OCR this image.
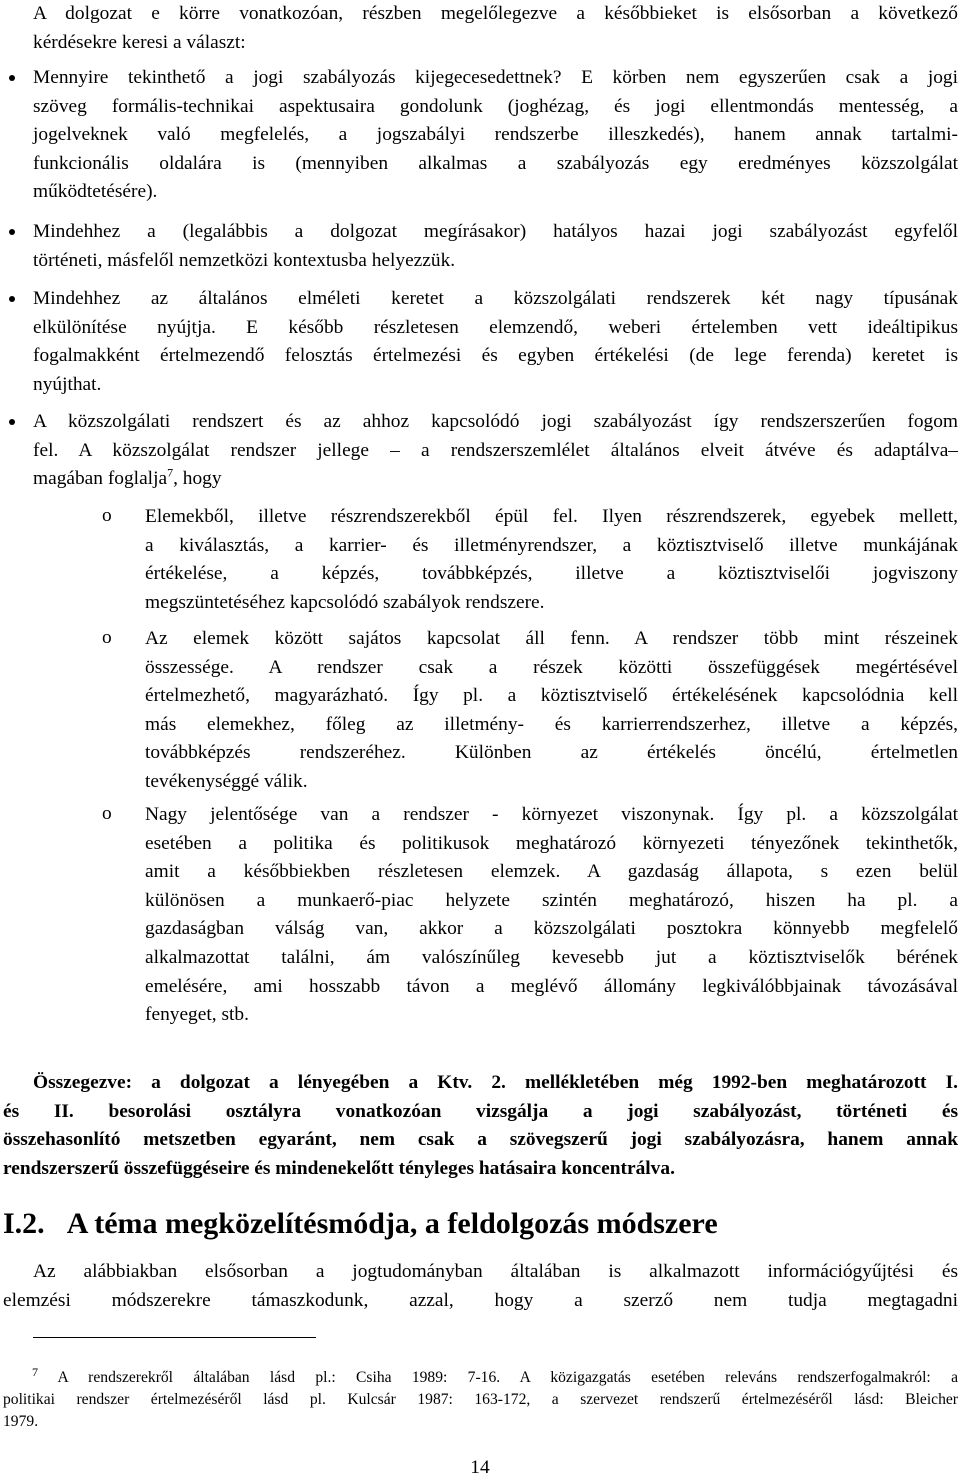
A dolgozat e körre vonatkozóan, részben megelőlegezve a későbbieket is elsősorban a következő
kérdésekre keresi a választ:
Mennyire tekinthető a jogi szabályozás kijegecesedettnek? E körben nem egyszerűen csak a jogi
szöveg formális-technikai aspektusaira gondolunk (joghézag, és jogi ellentmondás mentesség, a
jogelveknek való megfelelés, a jogszabályi rendszerbe illeszkedés), hanem annak tartalmi-
funkcionális oldalára is (mennyiben alkalmas a szabályozás egy eredményes közszolgálat
működtetésére).
Mindehhez a (legalábbis a dolgozat megírásakor) hatályos hazai jogi szabályozást egyfelől
történeti, másfelől nemzetközi kontextusba helyezzük.
Mindehhez az általános elméleti keretet a közszolgálati rendszerek két nagy típusának
elkülönítése nyújtja. E később részletesen elemzendő, weberi értelemben vett ideáltipikus
fogalmakként értelmezendő felosztás értelmezési és egyben értékelési (de lege ferenda) keretet is
nyújthat.
A közszolgálati rendszert és az ahhoz kapcsolódó jogi szabályozást így rendszerszerűen fogom
fel. A közszolgálat rendszer jellege – a rendszerszemlélet általános elveit átvéve és adaptálva–
magában foglalja$^7$, hogy
o Elemekből, illetve részrendszerekből épül fel. Ilyen részrendszerek, egyebek mellett,
a kiválasztás, a karrier- és illetményrendszer, a köztisztviselő illetve munkájának
értékelése, a képzés, továbbképzés, illetve a köztisztviselői jogviszony
megszüntetéséhez kapcsolódó szabályok rendszere.
o Az elemek között sajátos kapcsolat áll fenn. A rendszer több mint részeinek
összessége. A rendszer csak a részek közötti összefüggések megértésével
értelmezhető, magyarázható. Így pl. a köztisztviselő értékelésének kapcsolódnia kell
más elemekhez, főleg az illetmény- és karrierrendszerhez, illetve a képzés,
továbbképzés rendszeréhez. Különben az értékelés öncélú, értelmetlen
tevékenységgé válik.
o Nagy jelentősége van a rendszer - környezet viszonynak. Így pl. a közszolgálat
esetében a politika és politikusok meghatározó környezeti tényezőnek tekinthetők,
amit a későbbiekben részletesen elemzek. A gazdaság állapota, s ezen belül
különösen a munkaerő-piac helyzete szintén meghatározó, hiszen ha pl. a
gazdaságban válság van, akkor a közszolgálati posztokra könnyebb megfelelő
alkalmazottat találni, ám valószínűleg kevesebb jut a köztisztviselők bérének
emelésére, ami hosszabb távon a meglévő állomány legkiválóbbjainak távozásával
fenyeget, stb.
Összegezve: a dolgozat a lényegében a Ktv. 2. mellékletében még 1992-ben meghatározott I.
és II. besorolási osztályra vonatkozóan vizsgálja a jogi szabályozást, történeti és
összehasonlító metszetben egyaránt, nem csak a szövegszerű jogi szabályozásra, hanem annak
rendszerszerű összefüggéseire és mindenekelőtt tényleges hatásaira koncentrálva.
I.2. A téma megközelítésmódja, a feldolgozás módszere
Az alábbiakban elsősorban a jogtudományban általában is alkalmazott információgyűjtési és
elemzési módszerekre támaszkodunk, azzal, hogy a szerző nem tudja megtagadni
$^7$ A rendszerekről általában lásd pl.: Csiha 1989: 7-16. A közigazgatás esetében releváns rendszerfogalmakról: a
politikai rendszer értelmezéséről lásd pl. Kulcsár 1987: 163-172, a szervezet rendszerű értelmezéséről lásd: Bleicher
1979.
14
